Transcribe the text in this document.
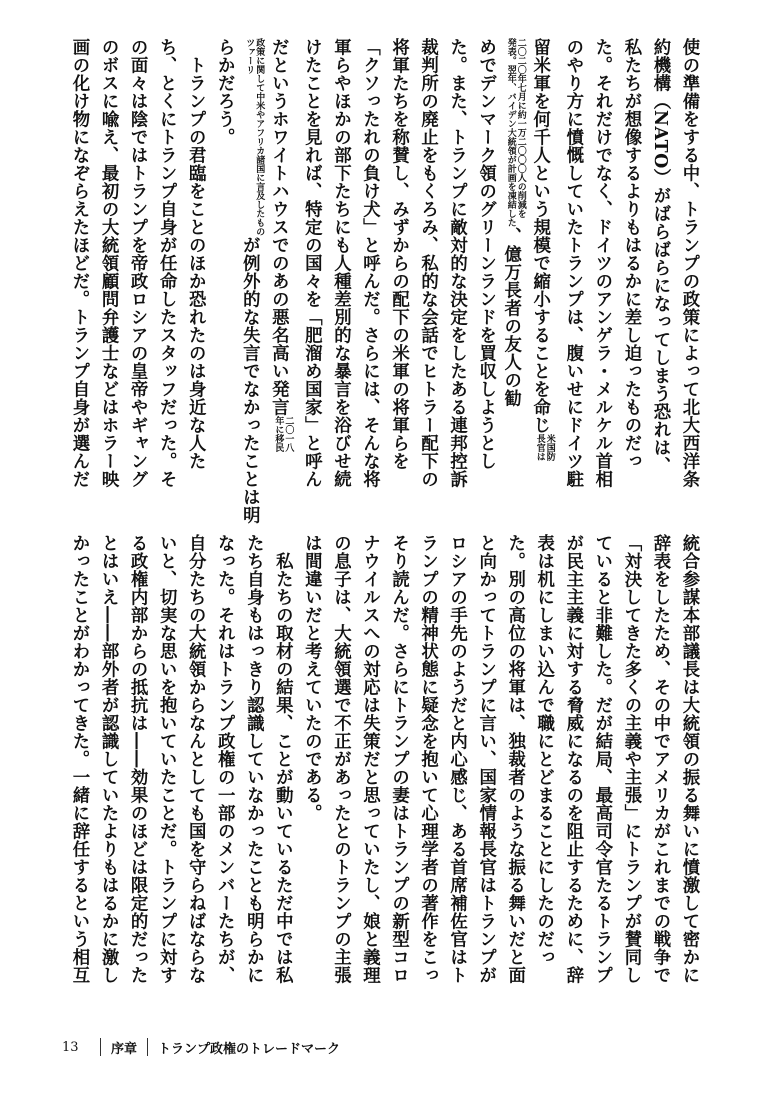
使の準備をする中、トランプの政策によって北大西洋条
約機構（NATO）がばらばらになってしまう恐れは、
私たちが想像するよりもはるかに差し迫ったものだっ
た。それだけでなく、ドイツのアンゲラ・メルケル首相
のやり方に憤慨していたトランプは、腹いせにドイツ駐
留米軍を何千人という規模で縮小することを命じ米国防
長官は
二〇二〇年七月に約一万二〇〇〇人の削減を
発表。翌年、バイデン大統領が計画を凍結した、億万長者の友人の勧
めでデンマーク領のグリーンランドを買収しようとし
た。また、トランプに敵対的な決定をしたある連邦控訴
裁判所の廃止をもくろみ、私的な会話でヒトラー配下の
将軍たちを称賛し、みずからの配下の米軍の将軍らを
「クソったれの負け犬」と呼んだ。さらには、そんな将
軍らやほかの部下たちにも人種差別的な暴言を浴びせ続
けたことを見れば、特定の国々を「肥溜め国家」と呼ん
だというホワイトハウスでのあの悪名高い発言二〇一八
年に移民
政策に関して中米やアフリカ諸国に言及したもの
ツァーリが例外的な失言でなかったことは明
らかだろう。
　トランプの君臨をことのほか恐れたのは身近な人た
ち、とくにトランプ自身が任命したスタッフだった。そ
の面々は陰ではトランプを帝政ロシアの皇帝やギャング
のボスに喩え、最初の大統領顧問弁護士などはホラー映
画の化け物になぞらえたほどだ。トランプ自身が選んだ
統合参謀本部議長は大統領の振る舞いに憤激して密かに
辞表をしたため、その中でアメリカがこれまでの戦争で
「対決してきた多くの主義や主張」にトランプが賛同し
ていると非難した。だが結局、最高司令官たるトランプ
が民主主義に対する脅威になるのを阻止するために、辞
表は机にしまい込んで職にとどまることにしたのだっ
た。別の高位の将軍は、独裁者のような振る舞いだと面
と向かってトランプに言い、国家情報長官はトランプが
ロシアの手先のようだと内心感じ、ある首席補佐官はト
ランプの精神状態に疑念を抱いて心理学者の著作をこっ
そり読んだ。さらにトランプの妻はトランプの新型コロ
ナウイルスへの対応は失策だと思っていたし、娘と義理
の息子は、大統領選で不正があったとのトランプの主張
は間違いだと考えていたのである。
　私たちの取材の結果、ことが動いているただ中では私
たち自身もはっきり認識していなかったことも明らかに
なった。それはトランプ政権の一部のメンバーたちが、
自分たちの大統領からなんとしても国を守らねばならな
いと、切実な思いを抱いていたことだ。トランプに対す
る政権内部からの抵抗は――効果のほどは限定的だった
とはいえ――部外者が認識していたよりもはるかに激し
かったことがわかってきた。一緒に辞任するという相互
13	序章 トランプ政権のトレードマーク
